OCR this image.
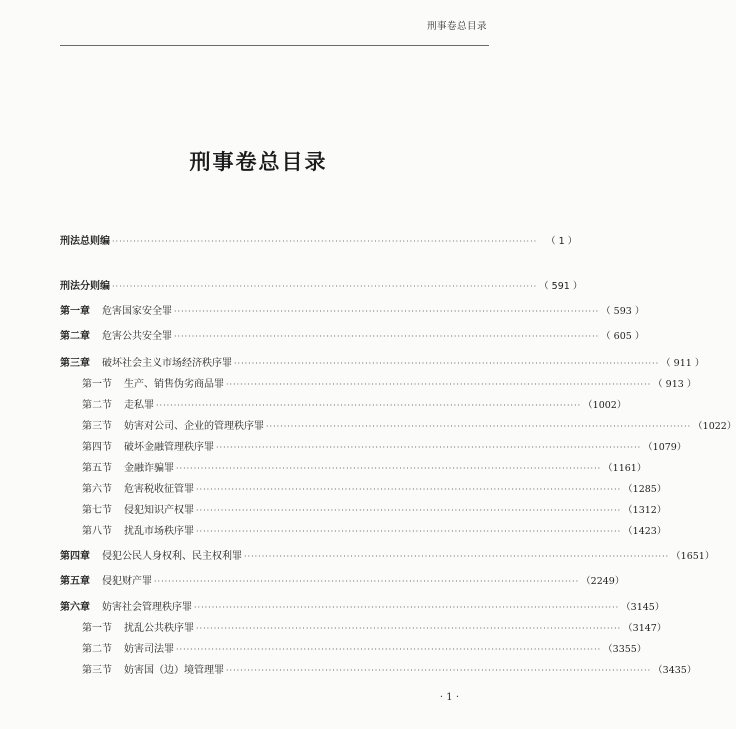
刑事卷总目录
刑事卷总目录
刑法总则编 ························································································································ （ 1 ）
刑法分则编 ························································································································ （ 591 ）
第一章 危害国家安全罪 ························································································································ （ 593 ）
第二章 危害公共安全罪 ························································································································ （ 605 ）
第三章 破坏社会主义市场经济秩序罪 ························································································································ （ 911 ）
第一节 生产、销售伪劣商品罪 ························································································································ （ 913 ）
第二节 走私罪 ························································································································ （1002）
第三节 妨害对公司、企业的管理秩序罪 ························································································································ （1022）
第四节 破坏金融管理秩序罪 ························································································································ （1079）
第五节 金融诈骗罪 ························································································································ （1161）
第六节 危害税收征管罪 ························································································································ （1285）
第七节 侵犯知识产权罪 ························································································································ （1312）
第八节 扰乱市场秩序罪 ························································································································ （1423）
第四章 侵犯公民人身权利、民主权利罪 ························································································································ （1651）
第五章 侵犯财产罪 ························································································································ （2249）
第六章 妨害社会管理秩序罪 ························································································································ （3145）
第一节 扰乱公共秩序罪 ························································································································ （3147）
第二节 妨害司法罪 ························································································································ （3355）
第三节 妨害国（边）境管理罪 ························································································································ （3435）
· 1 ·
